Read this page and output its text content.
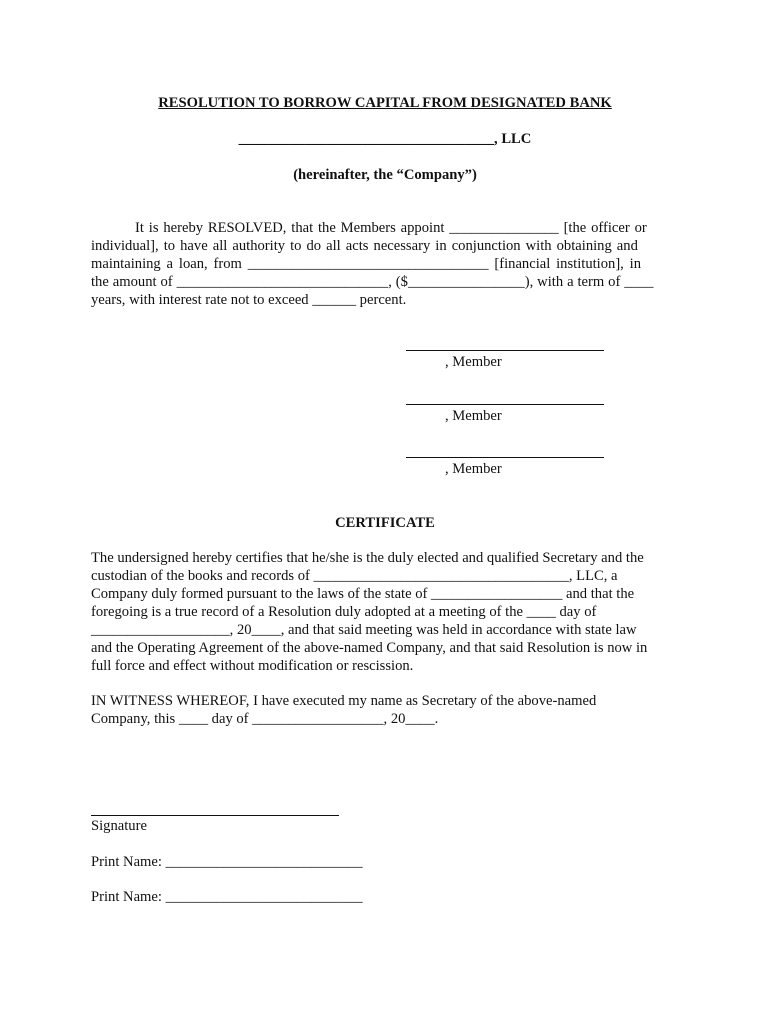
RESOLUTION TO BORROW CAPITAL FROM DESIGNATED BANK
___________________________________, LLC
(hereinafter, the “Company”)
It is hereby RESOLVED, that the Members appoint _______________ [the officer or
individual], to have all authority to do all acts necessary in conjunction with obtaining and
maintaining a loan, from _________________________________ [financial institution], in
the amount of _____________________________, ($________________), with a term of ____
years, with interest rate not to exceed ______ percent.
, Member
, Member
, Member
CERTIFICATE
The undersigned hereby certifies that he/she is the duly elected and qualified Secretary and the
custodian of the books and records of ___________________________________, LLC, a
Company duly formed pursuant to the laws of the state of __________________ and that the
foregoing is a true record of a Resolution duly adopted at a meeting of the ____ day of
___________________, 20____, and that said meeting was held in accordance with state law
and the Operating Agreement of the above-named Company, and that said Resolution is now in
full force and effect without modification or rescission.
IN WITNESS WHEREOF, I have executed my name as Secretary of the above-named
Company, this ____ day of __________________, 20____.
Signature
Print Name: ___________________________
Print Name: ___________________________
